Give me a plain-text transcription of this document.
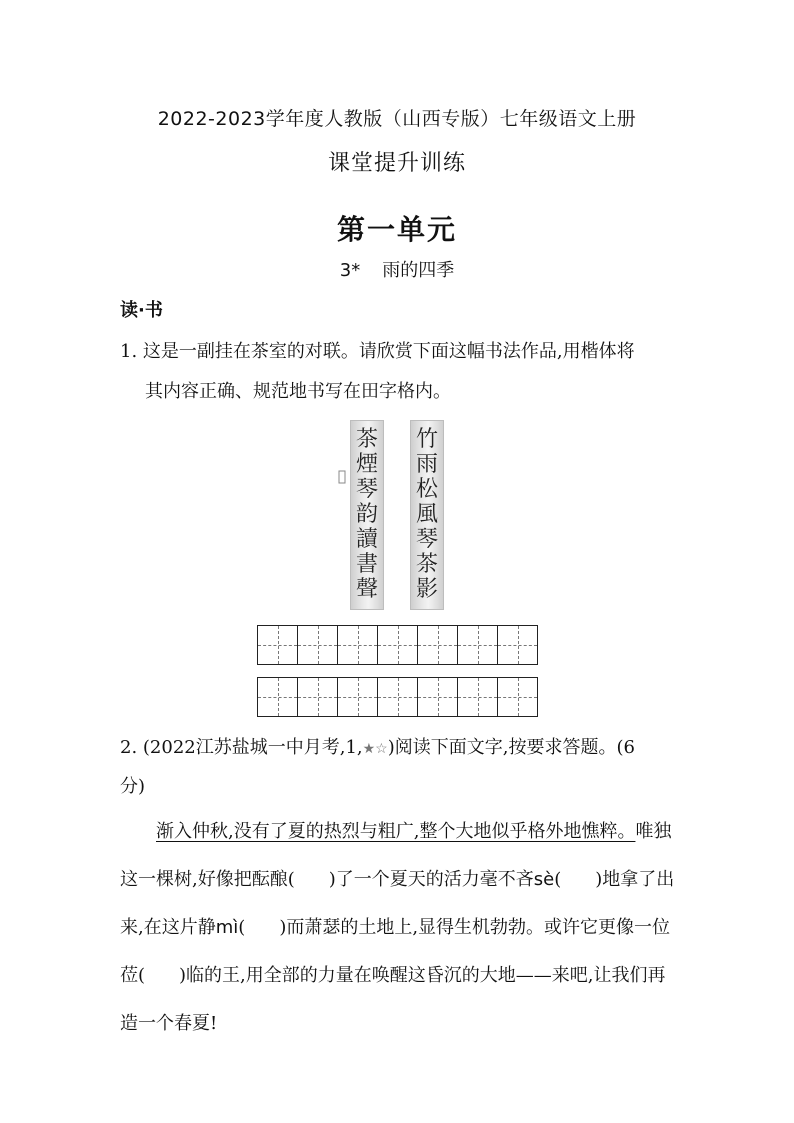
2022-2023学年度人教版（山西专版）七年级语文上册
课堂提升训练
第一单元
3* 雨的四季
读·书
1. 这是一副挂在茶室的对联。请欣赏下面这幅书法作品,用楷体将
其内容正确、规范地书写在田字格内。
茶
煙
琴
韵
讀
書
聲
竹
雨
松
風
琴
茶
影
2. (2022江苏盐城一中月考,1,★☆)阅读下面文字,按要求答题。(6
分)
渐入仲秋,没有了夏的热烈与粗广,整个大地似乎格外地憔粹。唯独这一棵树,好像把酝酿( )了一个夏天的活力毫不吝sè( )地拿了出来,在这片静mì( )而萧瑟的土地上,显得生机勃勃。或许它更像一位莅( )临的王,用全部的力量在唤醒这昏沉的大地——来吧,让我们再造一个春夏!
